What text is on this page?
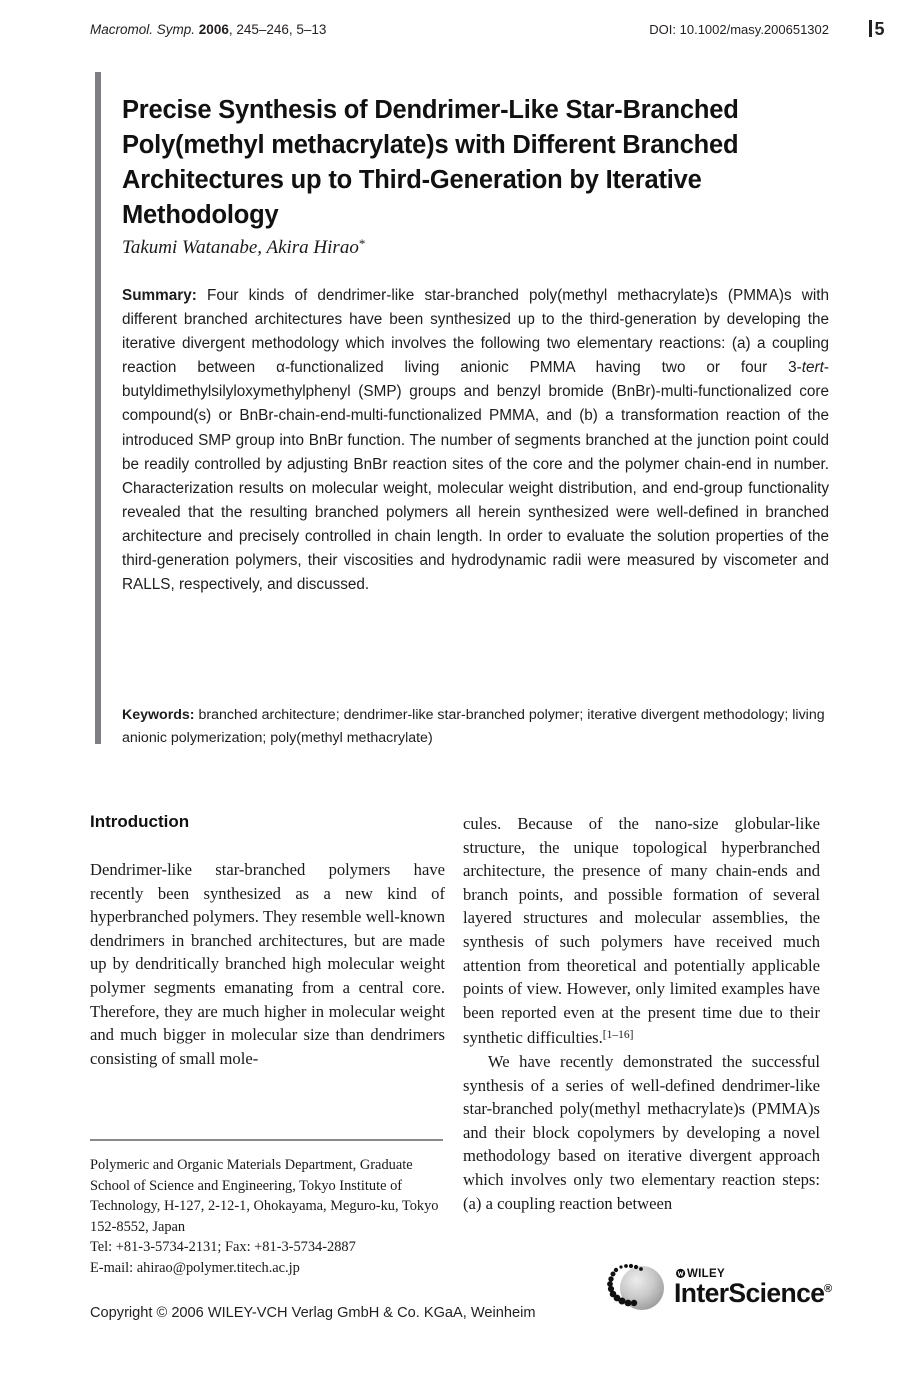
Macromol. Symp. 2006, 245–246, 5–13	DOI: 10.1002/masy.200651302	5
Precise Synthesis of Dendrimer-Like Star-Branched Poly(methyl methacrylate)s with Different Branched Architectures up to Third-Generation by Iterative Methodology
Takumi Watanabe, Akira Hirao*
Summary: Four kinds of dendrimer-like star-branched poly(methyl methacrylate)s (PMMA)s with different branched architectures have been synthesized up to the third-generation by developing the iterative divergent methodology which involves the following two elementary reactions: (a) a coupling reaction between α-functionalized living anionic PMMA having two or four 3-tert-butyldimethylsilyloxymethylphenyl (SMP) groups and benzyl bromide (BnBr)-multi-functionalized core compound(s) or BnBr-chain-end-multi-functionalized PMMA, and (b) a transformation reaction of the introduced SMP group into BnBr function. The number of segments branched at the junction point could be readily controlled by adjusting BnBr reaction sites of the core and the polymer chain-end in number. Characterization results on molecular weight, molecular weight distribution, and end-group functionality revealed that the resulting branched polymers all herein synthesized were well-defined in branched architecture and precisely controlled in chain length. In order to evaluate the solution properties of the third-generation polymers, their viscosities and hydrodynamic radii were measured by viscometer and RALLS, respectively, and discussed.
Keywords: branched architecture; dendrimer-like star-branched polymer; iterative divergent methodology; living anionic polymerization; poly(methyl methacrylate)
Introduction

Dendrimer-like star-branched polymers have recently been synthesized as a new kind of hyperbranched polymers. They resemble well-known dendrimers in branched architectures, but are made up by dendritically branched high molecular weight polymer segments emanating from a central core. Therefore, they are much higher in molecular weight and much bigger in molecular size than dendrimers consisting of small mole-

cules. Because of the nano-size globular-like structure, the unique topological hyperbranched architecture, the presence of many chain-ends and branch points, and possible formation of several layered structures and molecular assemblies, the synthesis of such polymers have received much attention from theoretical and potentially applicable points of view. However, only limited examples have been reported even at the present time due to their synthetic difficulties.[1–16]

We have recently demonstrated the successful synthesis of a series of well-defined dendrimer-like star-branched poly(methyl methacrylate)s (PMMA)s and their block copolymers by developing a novel methodology based on iterative divergent approach which involves only two elementary reaction steps: (a) a coupling reaction between

Polymeric and Organic Materials Department, Graduate School of Science and Engineering, Tokyo Institute of Technology, H-127, 2-12-1, Ohokayama, Meguro-ku, Tokyo 152-8552, Japan
Tel: +81-3-5734-2131; Fax: +81-3-5734-2887
E-mail: ahirao@polymer.titech.ac.jp
Copyright © 2006 WILEY-VCH Verlag GmbH & Co. KGaA, Weinheim
WILEY
InterScience ®
